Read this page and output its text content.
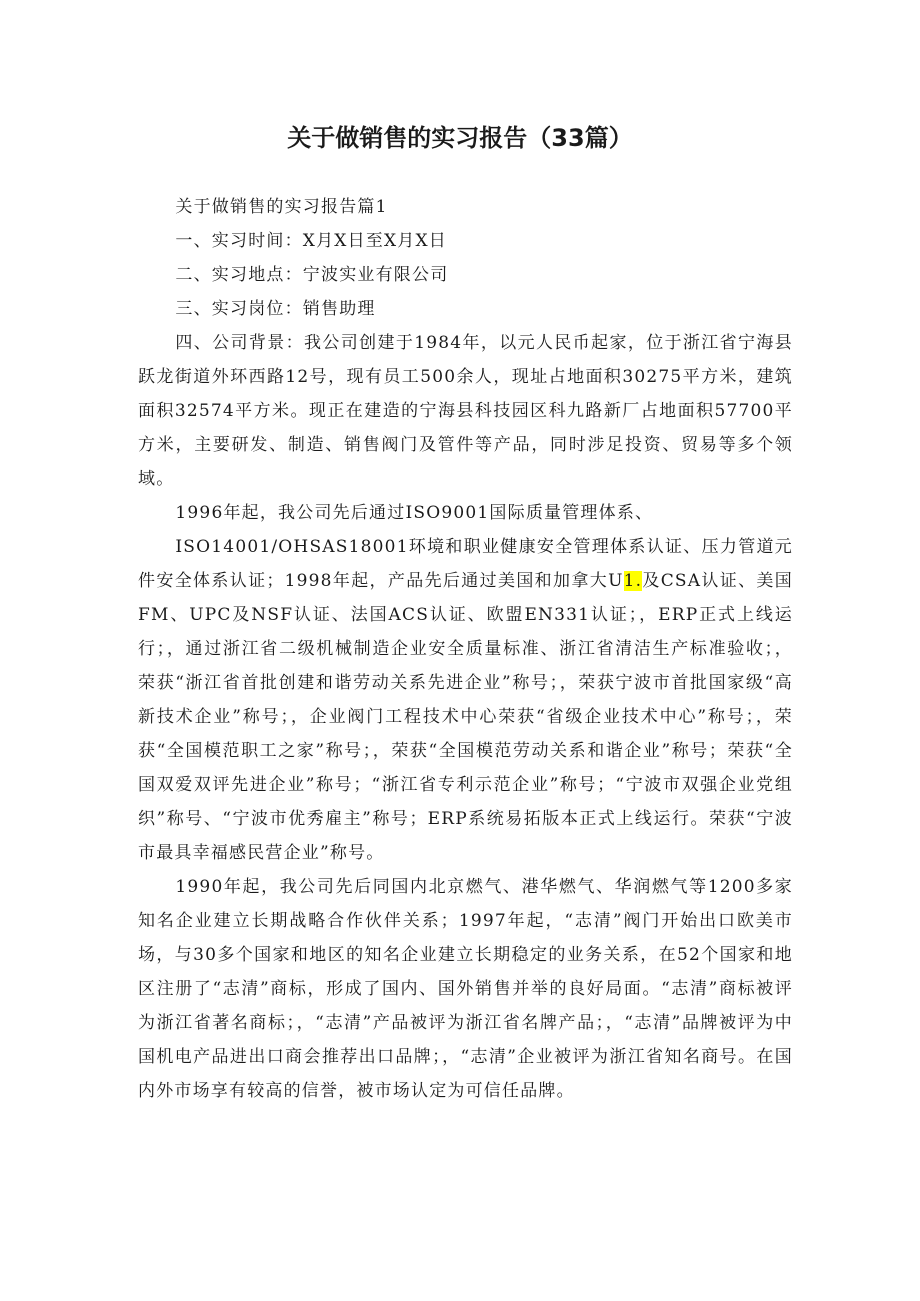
关于做销售的实习报告（33篇）

关于做销售的实习报告篇1

一、实习时间：X月X日至X月X日

二、实习地点：宁波实业有限公司

三、实习岗位：销售助理

四、公司背景：我公司创建于1984年，以元人民币起家，位于浙江省宁海县跃龙街道外环西路12号，现有员工500余人，现址占地面积30275平方米，建筑面积32574平方米。现正在建造的宁海县科技园区科九路新厂占地面积57700平方米，主要研发、制造、销售阀门及管件等产品，同时涉足投资、贸易等多个领域。

1996年起，我公司先后通过ISO9001国际质量管理体系、

ISO14001/OHSAS18001环境和职业健康安全管理体系认证、压力管道元件安全体系认证；1998年起，产品先后通过美国和加拿大U1.及CSA认证、美国FM、UPC及NSF认证、法国ACS认证、欧盟EN331认证；，ERP正式上线运行；，通过浙江省二级机械制造企业安全质量标准、浙江省清洁生产标准验收；，荣获“浙江省首批创建和谐劳动关系先进企业”称号；，荣获宁波市首批国家级“高新技术企业”称号；，企业阀门工程技术中心荣获“省级企业技术中心”称号；，荣获“全国模范职工之家”称号；，荣获“全国模范劳动关系和谐企业”称号；荣获“全国双爱双评先进企业”称号；“浙江省专利示范企业”称号；“宁波市双强企业党组织”称号、“宁波市优秀雇主”称号；ERP系统易拓版本正式上线运行。荣获“宁波市最具幸福感民营企业”称号。

1990年起，我公司先后同国内北京燃气、港华燃气、华润燃气等1200多家知名企业建立长期战略合作伙伴关系；1997年起，“志清”阀门开始出口欧美市场，与30多个国家和地区的知名企业建立长期稳定的业务关系，在52个国家和地区注册了“志清”商标，形成了国内、国外销售并举的良好局面。“志清”商标被评为浙江省著名商标；，“志清”产品被评为浙江省名牌产品；，“志清”品牌被评为中国机电产品进出口商会推荐出口品牌；，“志清”企业被评为浙江省知名商号。在国内外市场享有较高的信誉，被市场认定为可信任品牌。
